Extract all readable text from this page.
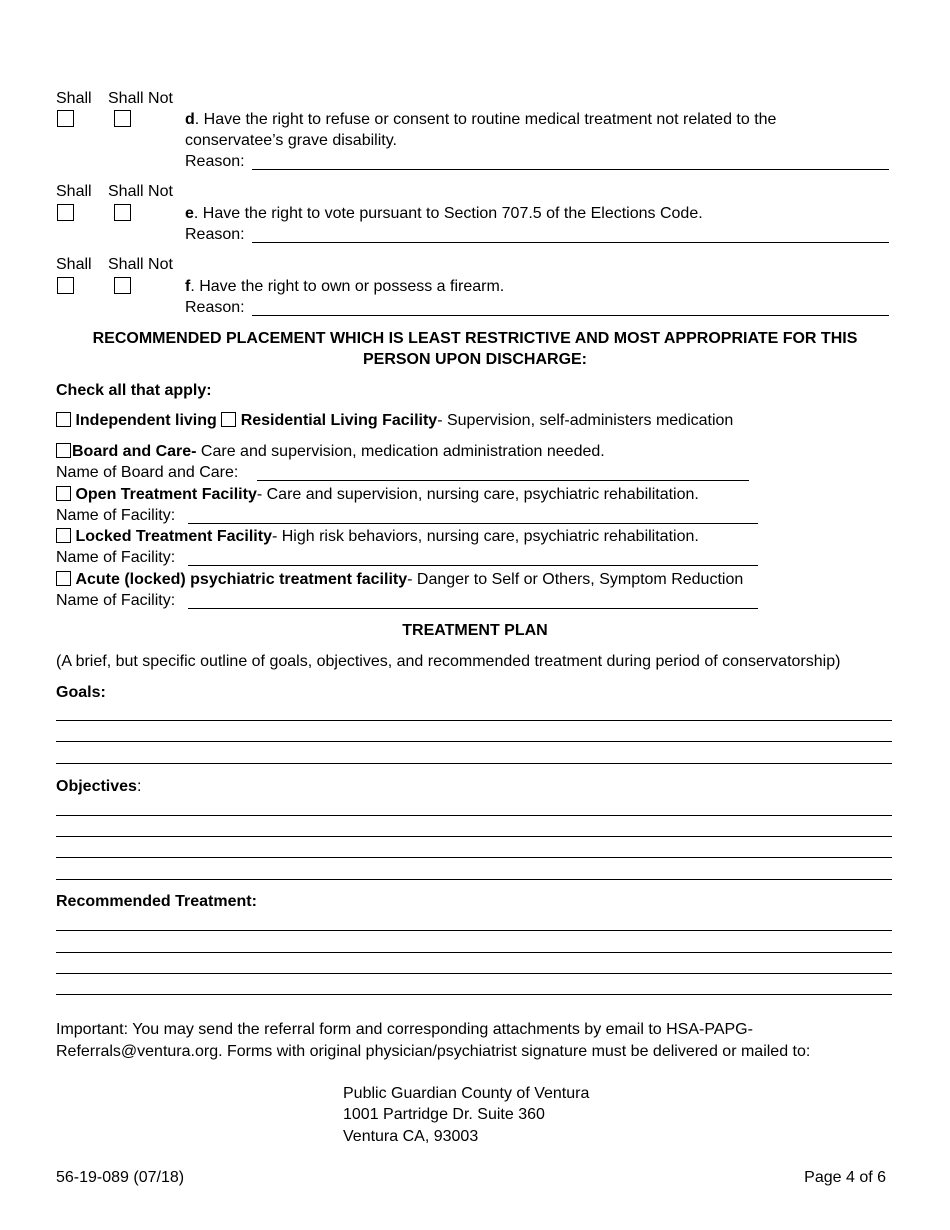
Shall Shall Not
d. Have the right to refuse or consent to routine medical treatment not related to the
conservatee’s grave disability.
Reason:
Shall Shall Not
e. Have the right to vote pursuant to Section 707.5 of the Elections Code.
Reason:
Shall Shall Not
f. Have the right to own or possess a firearm.
Reason:
RECOMMENDED PLACEMENT WHICH IS LEAST RESTRICTIVE AND MOST APPROPRIATE FOR THIS
PERSON UPON DISCHARGE:
Check all that apply:
Independent living Residential Living Facility- Supervision, self-administers medication
Board and Care- Care and supervision, medication administration needed.
Name of Board and Care:
Open Treatment Facility- Care and supervision, nursing care, psychiatric rehabilitation.
Name of Facility:
Locked Treatment Facility- High risk behaviors, nursing care, psychiatric rehabilitation.
Name of Facility:
Acute (locked) psychiatric treatment facility- Danger to Self or Others, Symptom Reduction
Name of Facility:
TREATMENT PLAN
(A brief, but specific outline of goals, objectives, and recommended treatment during period of conservatorship)
Goals:
Objectives:
Recommended Treatment:
Important: You may send the referral form and corresponding attachments by email to HSA-PAPG-
Referrals@ventura.org. Forms with original physician/psychiatrist signature must be delivered or mailed to:
Public Guardian County of Ventura
1001 Partridge Dr. Suite 360
Ventura CA, 93003
56-19-089 (07/18)	Page 4 of 6
